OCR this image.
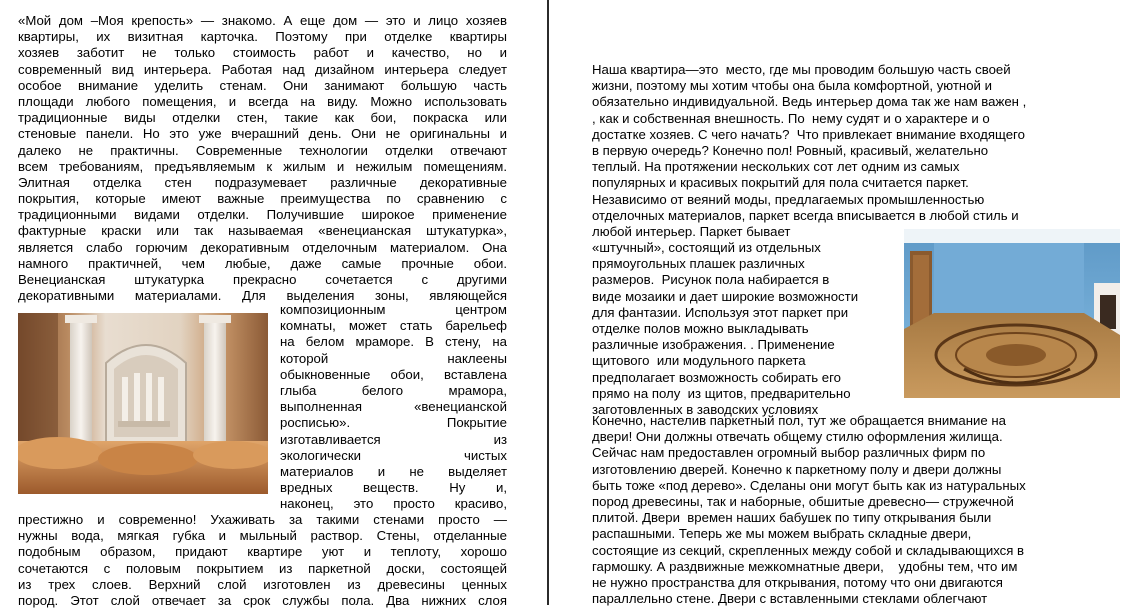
«Мой дом –Моя крепость» — знакомо. А еще дом — это и лицо хозяев
квартиры, их визитная карточка. Поэтому при отделке квартиры
хозяев заботит не только стоимость работ и качество, но и
современный вид интерьера. Работая над дизайном интерьера следует
особое внимание уделить стенам. Они занимают большую часть
площади любого помещения, и всегда на виду. Можно использовать
традиционные виды отделки стен, такие как бои, покраска или
стеновые панели. Но это уже вчерашний день. Они не оригинальны и
далеко не практичны. Современные технологии отделки отвечают
всем требованиям, предъявляемым к жилым и нежилым помещениям.
Элитная отделка стен подразумевает различные декоративные
покрытия, которые имеют важные преимущества по сравнению с
традиционными видами отделки. Получившие широкое применение
фактурные краски или так называемая «венецианская штукатурка»,
является слабо горючим декоративным отделочным материалом. Она
намного практичней, чем любые, даже самые прочные обои.
Венецианская штукатурка прекрасно сочетается с другими
декоративными материалами. Для выделения зоны, являющейся
композиционным центром
комнаты, может стать барельеф
на белом мраморе. В стену, на
которой наклеены
обыкновенные обои, вставлена
глыба белого мрамора,
выполненная «венецианской
росписью». Покрытие
изготавливается из
экологически чистых
материалов и не выделяет
вредных веществ. Ну и,
наконец, это просто красиво,
престижно и современно! Ухаживать за такими стенами просто —
нужны вода, мягкая губка и мыльный раствор. Стены, отделанные
подобным образом, придают квартире уют и теплоту, хорошо
сочетаются с половым покрытием из паркетной доски, состоящей
из трех слоев. Верхний слой изготовлен из древесины ценных
пород. Этот слой отвечает за срок службы пола. Два нижних слоя
Наша квартира—это  место, где мы проводим большую часть своей
жизни, поэтому мы хотим чтобы она была комфортной, уютной и
обязательно индивидуальной. Ведь интерьер дома так же нам важен ,
, как и собственная внешность. По  нему судят и о характере и о
достатке хозяев. С чего начать?  Что привлекает внимание входящего
в первую очередь? Конечно пол! Ровный, красивый, желательно
теплый. На протяжении нескольких сот лет одним из самых
популярных и красивых покрытий для пола считается паркет.
Независимо от веяний моды, предлагаемых промышленностью
отделочных материалов, паркет всегда вписывается в любой стиль и
любой интерьер. Паркет бывает
«штучный», состоящий из отдельных
прямоугольных плашек различных
размеров.  Рисунок пола набирается в
виде мозаики и дает широкие возможности
для фантазии. Используя этот паркет при
отделке полов можно выкладывать
различные изображения. . Применение
щитового  или модульного паркета
предполагает возможность собирать его
прямо на полу  из щитов, предварительно
заготовленных в заводских условиях
Конечно, настелив паркетный пол, тут же обращается внимание на
двери! Они должны отвечать общему стилю оформления жилища.
Сейчас нам предоставлен огромный выбор различных фирм по
изготовлению дверей. Конечно к паркетному полу и двери должны
быть тоже «под дерево». Сделаны они могут быть как из натуральных
пород древесины, так и наборные, обшитые древесно— стружечной
плитой. Двери  времен наших бабушек по типу открывания были
распашными. Теперь же мы можем выбрать складные двери,
состоящие из секций, скрепленных между собой и складывающихся в
гармошку. А раздвижные межкомнатные двери,    удобны тем, что им
не нужно пространства для открывания, потому что они двигаются
параллельно стене. Двери с вставленными стеклами облегчают
